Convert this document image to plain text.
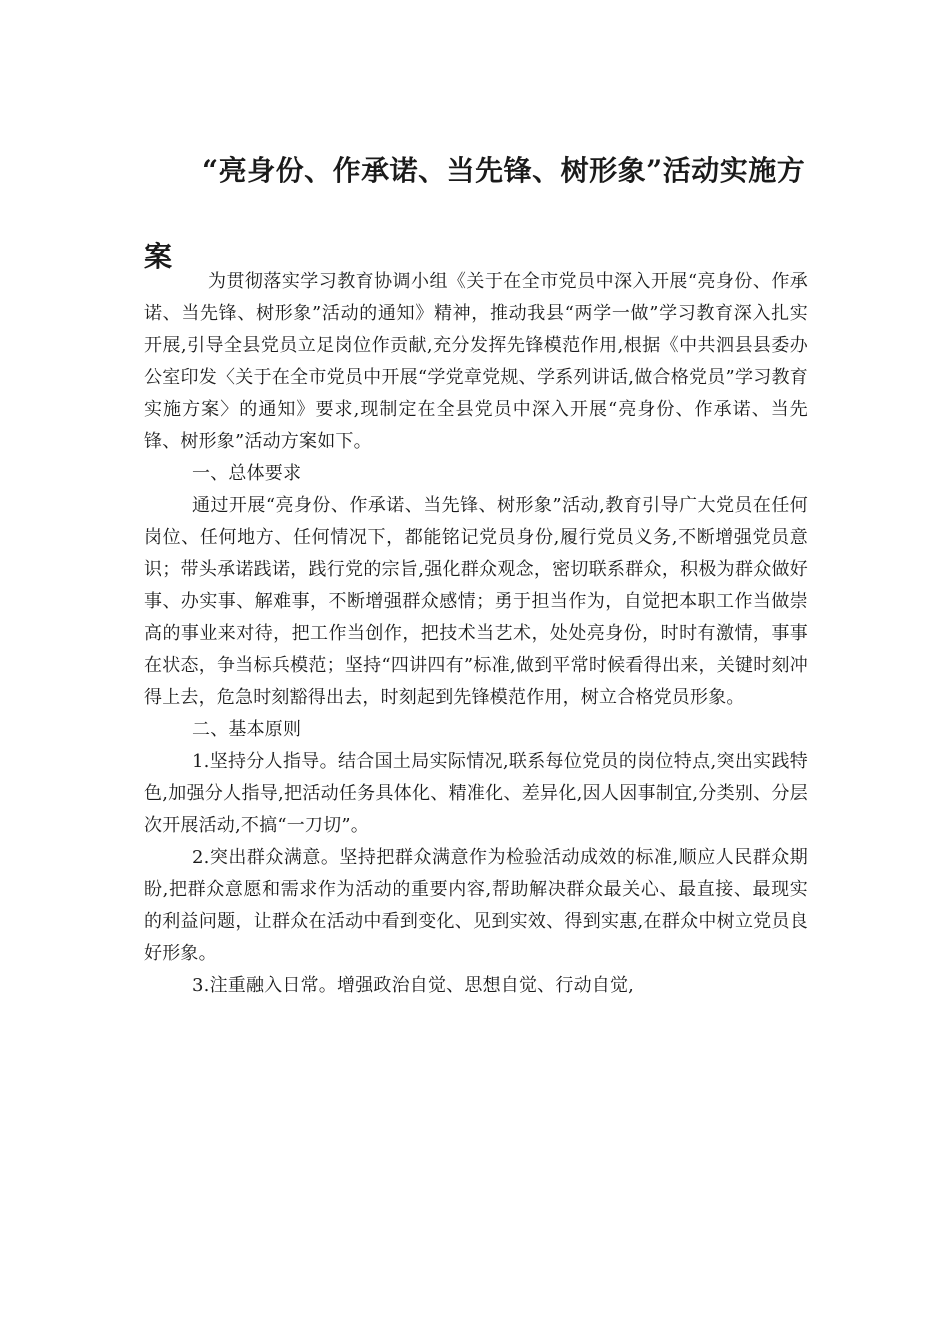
“亮身份、作承诺、当先锋、树形象”活动实施方案

为贯彻落实学习教育协调小组《关于在全市党员中深入开展“亮身份、作承诺、当先锋、树形象”活动的通知》精神，推动我县“两学一做”学习教育深入扎实开展,引导全县党员立足岗位作贡献,充分发挥先锋模范作用,根据《中共泗县县委办公室印发〈关于在全市党员中开展“学党章党规、学系列讲话,做合格党员”学习教育实施方案〉的通知》要求,现制定在全县党员中深入开展“亮身份、作承诺、当先锋、树形象”活动方案如下。

一、总体要求

通过开展“亮身份、作承诺、当先锋、树形象”活动,教育引导广大党员在任何岗位、任何地方、任何情况下，都能铭记党员身份,履行党员义务,不断增强党员意识；带头承诺践诺，践行党的宗旨,强化群众观念，密切联系群众，积极为群众做好事、办实事、解难事，不断增强群众感情；勇于担当作为，自觉把本职工作当做崇高的事业来对待，把工作当创作，把技术当艺术，处处亮身份，时时有激情，事事在状态，争当标兵模范；坚持“四讲四有”标准,做到平常时候看得出来，关键时刻冲得上去，危急时刻豁得出去，时刻起到先锋模范作用，树立合格党员形象。

二、基本原则

1.坚持分人指导。结合国土局实际情况,联系每位党员的岗位特点,突出实践特色,加强分人指导,把活动任务具体化、精准化、差异化,因人因事制宜,分类别、分层次开展活动,不搞“一刀切”。

2.突出群众满意。坚持把群众满意作为检验活动成效的标准,顺应人民群众期盼,把群众意愿和需求作为活动的重要内容,帮助解决群众最关心、最直接、最现实的利益问题，让群众在活动中看到变化、见到实效、得到实惠,在群众中树立党员良好形象。

3.注重融入日常。增强政治自觉、思想自觉、行动自觉,
